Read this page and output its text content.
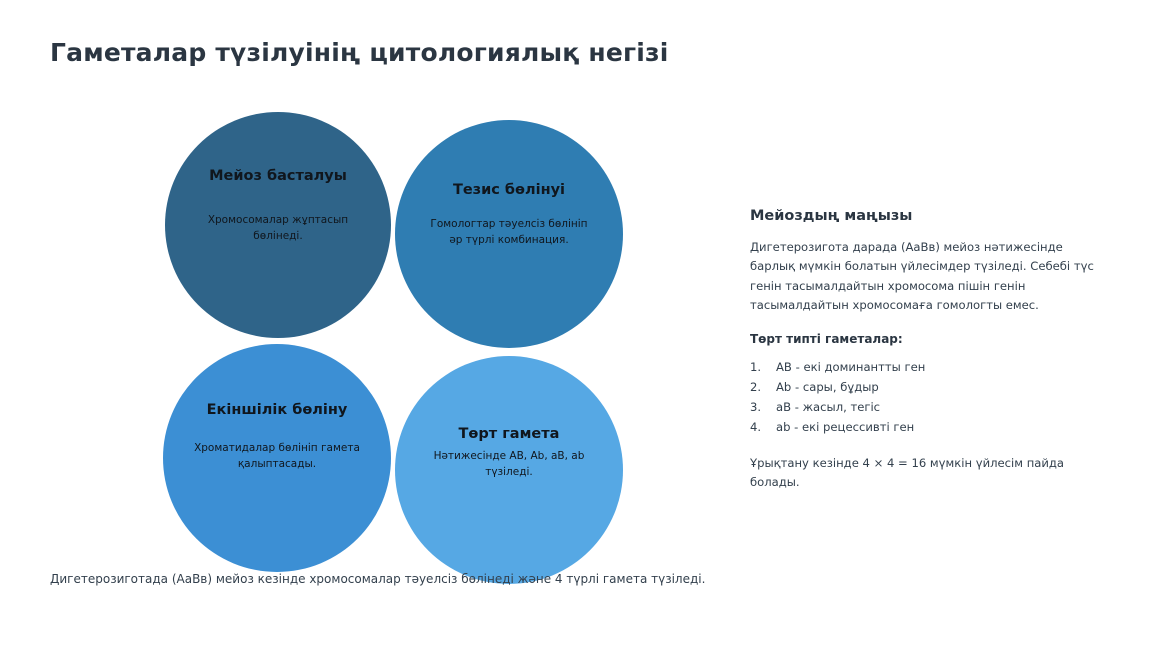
Гаметалар түзілуінің цитологиялық негізі
Мейоз басталуы
Хромосомалар жұптасып бөлінеді.
Тезис бөлінуі
Гомологтар тәуелсіз бөлініп әр түрлі комбинация.
Екіншілік бөліну
Хроматидалар бөлініп гамета қалыптасады.
Төрт гамета
Нәтижесінде AB, Ab, aB, ab түзіледі.
Дигетерозиготада (АаВв) мейоз кезінде хромосомалар тәуелсіз бөлінеді және 4 түрлі гамета түзіледі.
Мейоздың маңызы

Дигетерозигота дарада (АаВв) мейоз нәтижесінде барлық мүмкін болатын үйлесімдер түзіледі. Себебі түс генін тасымалдайтын хромосома пішін генін тасымалдайтын хромосомаға гомологты емес.

Төрт типті гаметалар:
1.	AB - екі доминантты ген
2.	Ab - сары, бұдыр
3.	aB - жасыл, тегіс
4.	ab - екі рецессивті ген

Ұрықтану кезінде 4 × 4 = 16 мүмкін үйлесім пайда болады.
